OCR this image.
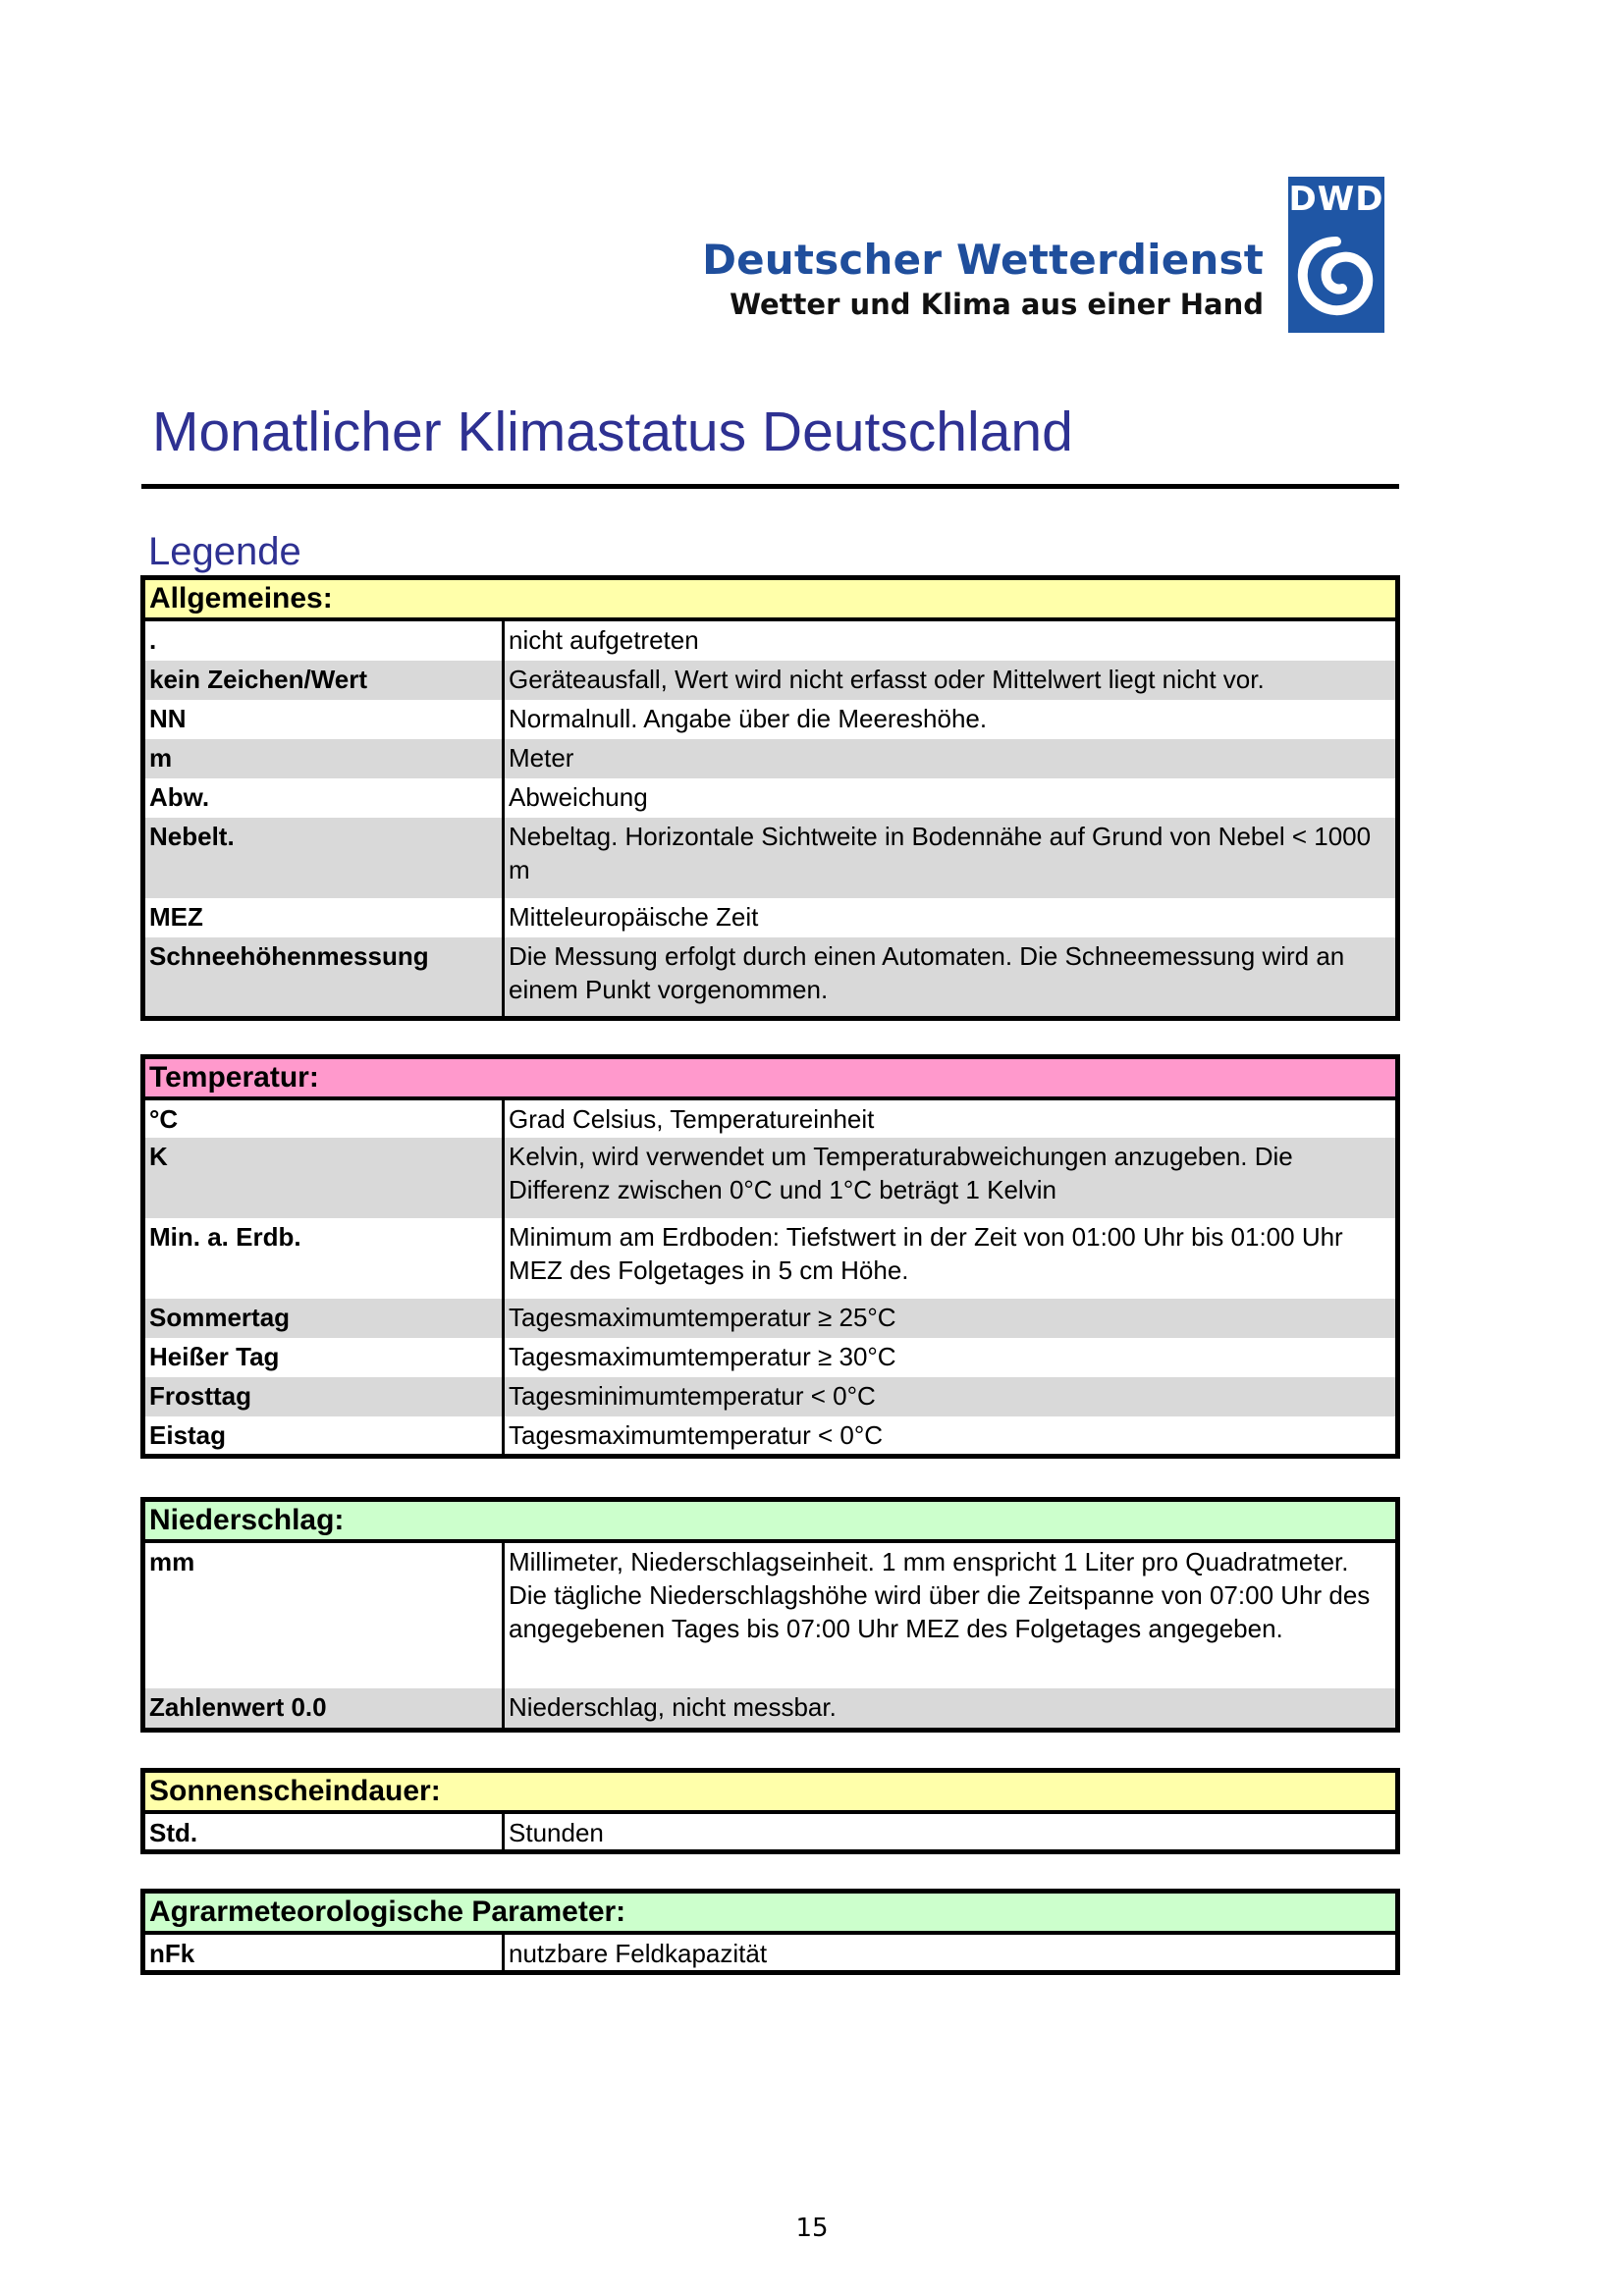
Deutscher Wetterdienst
Wetter und Klima aus einer Hand
DWD
Monatlicher Klimastatus Deutschland
Legende
Allgemeines:
.	nicht aufgetreten
kein Zeichen/Wert	Geräteausfall, Wert wird nicht erfasst oder Mittelwert liegt nicht vor.
NN	Normalnull. Angabe über die Meereshöhe.
m	Meter
Abw.	Abweichung
Nebelt.	Nebeltag. Horizontale Sichtweite in Bodennähe auf Grund von Nebel < 1000 m
MEZ	Mitteleuropäische Zeit
Schneehöhenmessung	Die Messung erfolgt durch einen Automaten. Die Schneemessung wird an einem Punkt vorgenommen.
Temperatur:
°C	Grad Celsius, Temperatureinheit
K	Kelvin, wird verwendet um Temperaturabweichungen anzugeben. Die Differenz zwischen 0°C und 1°C beträgt 1 Kelvin
Min. a. Erdb.	Minimum am Erdboden: Tiefstwert in der Zeit von 01:00 Uhr bis 01:00 Uhr MEZ des Folgetages in 5 cm Höhe.
Sommertag	Tagesmaximumtemperatur ≥ 25°C
Heißer Tag	Tagesmaximumtemperatur ≥ 30°C
Frosttag	Tagesminimumtemperatur < 0°C
Eistag	Tagesmaximumtemperatur < 0°C
Niederschlag:
mm	Millimeter, Niederschlagseinheit. 1 mm enspricht 1 Liter pro Quadratmeter. Die tägliche Niederschlagshöhe wird über die Zeitspanne von 07:00 Uhr des angegebenen Tages bis 07:00 Uhr MEZ des Folgetages angegeben.
Zahlenwert 0.0	Niederschlag, nicht messbar.
Sonnenscheindauer:
Std.	Stunden
Agrarmeteorologische Parameter:
nFk	nutzbare Feldkapazität
15
